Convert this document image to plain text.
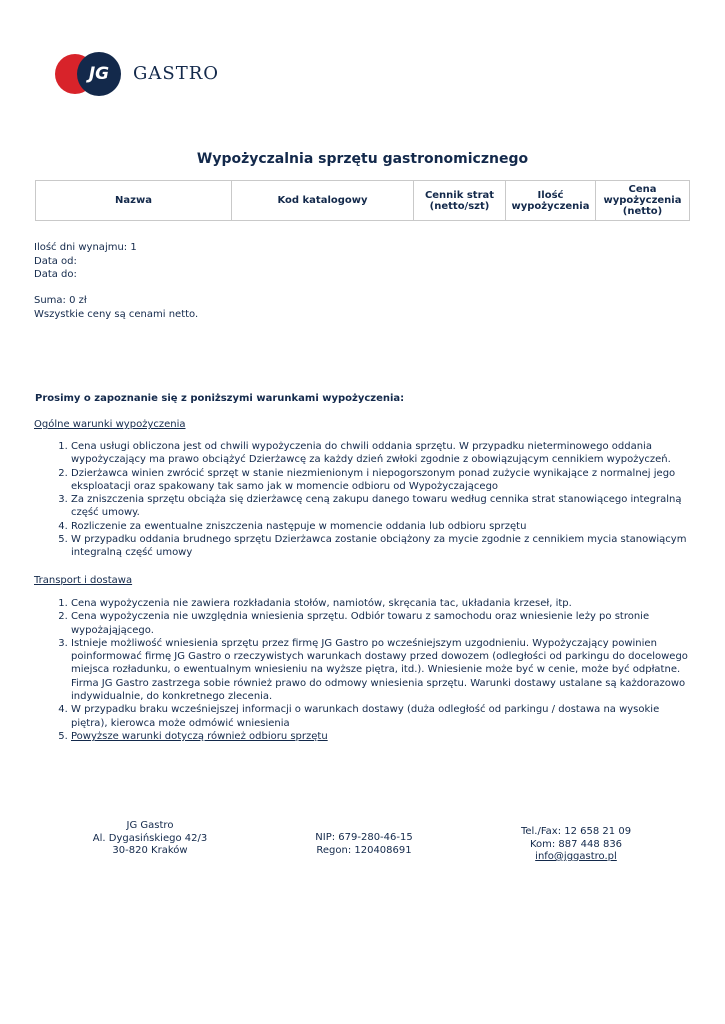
JG GASTRO
Wypożyczalnia sprzętu gastronomicznego
Nazwa	Kod katalogowy	Cennik strat (netto/szt)	Ilość wypożyczenia	Cena wypożyczenia (netto)
Ilość dni wynajmu: 1
Data od:
Data do:
Suma: 0 zł
Wszystkie ceny są cenami netto.
Prosimy o zapoznanie się z poniższymi warunkami wypożyczenia:
Ogólne warunki wypożyczenia
1. Cena usługi obliczona jest od chwili wypożyczenia do chwili oddania sprzętu. W przypadku nieterminowego oddania wypożyczający ma prawo obciążyć Dzierżawcę za każdy dzień zwłoki zgodnie z obowiązującym cennikiem wypożyczeń.
2. Dzierżawca winien zwrócić sprzęt w stanie niezmienionym i niepogorszonym ponad zużycie wynikające z normalnej jego eksploatacji oraz spakowany tak samo jak w momencie odbioru od Wypożyczającego
3. Za zniszczenia sprzętu obciąża się dzierżawcę ceną zakupu danego towaru według cennika strat stanowiącego integralną część umowy.
4. Rozliczenie za ewentualne zniszczenia następuje w momencie oddania lub odbioru sprzętu
5. W przypadku oddania brudnego sprzętu Dzierżawca zostanie obciążony za mycie zgodnie z cennikiem mycia stanowiącym integralną część umowy
Transport i dostawa
1. Cena wypożyczenia nie zawiera rozkładania stołów, namiotów, skręcania tac, układania krzeseł, itp.
2. Cena wypożyczenia nie uwzględnia wniesienia sprzętu. Odbiór towaru z samochodu oraz wniesienie leży po stronie wypożająjącego.
3. Istnieje możliwość wniesienia sprzętu przez firmę JG Gastro po wcześniejszym uzgodnieniu. Wypożyczający powinien poinformować firmę JG Gastro o rzeczywistych warunkach dostawy przed dowozem (odległości od parkingu do docelowego miejsca rozładunku, o ewentualnym wniesieniu na wyższe piętra, itd.). Wniesienie może być w cenie, może być odpłatne. Firma JG Gastro zastrzega sobie również prawo do odmowy wniesienia sprzętu. Warunki dostawy ustalane są każdorazowo indywidualnie, do konkretnego zlecenia.
4. W przypadku braku wcześniejszej informacji o warunkach dostawy (duża odległość od parkingu / dostawa na wysokie piętra), kierowca może odmówić wniesienia
5. Powyższe warunki dotyczą również odbioru sprzętu
JG Gastro
Al. Dygasińskiego 42/3
30-820 Kraków
NIP: 679-280-46-15
Regon: 120408691
Tel./Fax: 12 658 21 09
Kom: 887 448 836
info@jggastro.pl
